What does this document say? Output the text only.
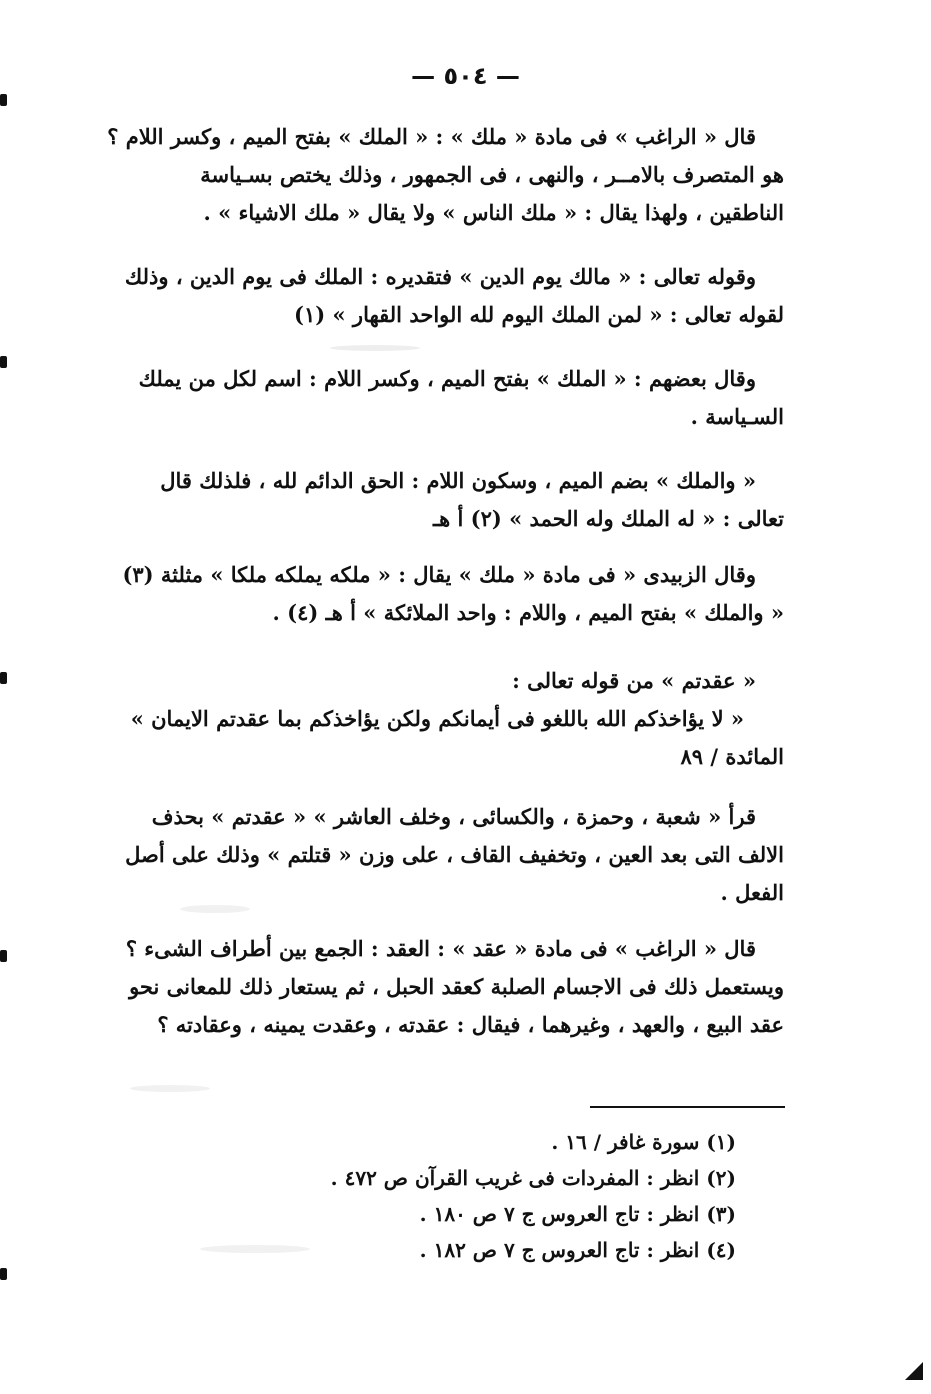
— ٥٠٤ —
قال « الراغب » فى مادة « ملك » : « الملك » بفتح الميم ، وكسر اللام ؟
هو المتصرف بالامــر ، والنهى ، فى الجمهور ، وذلك يختص بسـياسة
الناطقين ، ولهذا يقال : « ملك الناس » ولا يقال « ملك الاشياء » .
وقوله تعالى : « مالك يوم الدين » فتقديره : الملك فى يوم الدين ، وذلك
لقوله تعالى : « لمن الملك اليوم لله الواحد القهار » (١)
وقال بعضهم : « الملك » بفتح الميم ، وكسر اللام : اسم لكل من يملك
السـياسة .
« والملك » بضم الميم ، وسكون اللام : الحق الدائم لله ، فلذلك قال
تعالى : « له الملك وله الحمد » (٢) أ هـ
وقال الزبيدى « فى مادة « ملك » يقال : « ملكه يملكه ملكا » مثلثة (٣)
« والملك » بفتح الميم ، واللام : واحد الملائكة » أ هـ (٤) .
« عقدتم » من قوله تعالى :
« لا يؤاخذكم الله باللغو فى أيمانكم ولكن يؤاخذكم بما عقدتم الايمان »
المائدة / ٨٩
قرأ « شعبة ، وحمزة ، والكسائى ، وخلف العاشر » « عقدتم » بحذف
الالف التى بعد العين ، وتخفيف القاف ، على وزن « قتلتم » وذلك على أصل
الفعل .
قال « الراغب » فى مادة « عقد » : العقد : الجمع بين أطراف الشىء ؟
ويستعمل ذلك فى الاجسام الصلبة كعقد الحبل ، ثم يستعار ذلك للمعانى نحو
عقد البيع ، والعهد ، وغيرهما ، فيقال : عقدته ، وعقدت يمينه ، وعقادته ؟
(١) سورة غافر / ١٦ .
(٢) انظر : المفردات فى غريب القرآن ص ٤٧٢ .
(٣) انظر : تاج العروس ج ٧ ص ١٨٠ .
(٤) انظر : تاج العروس ج ٧ ص ١٨٢ .
